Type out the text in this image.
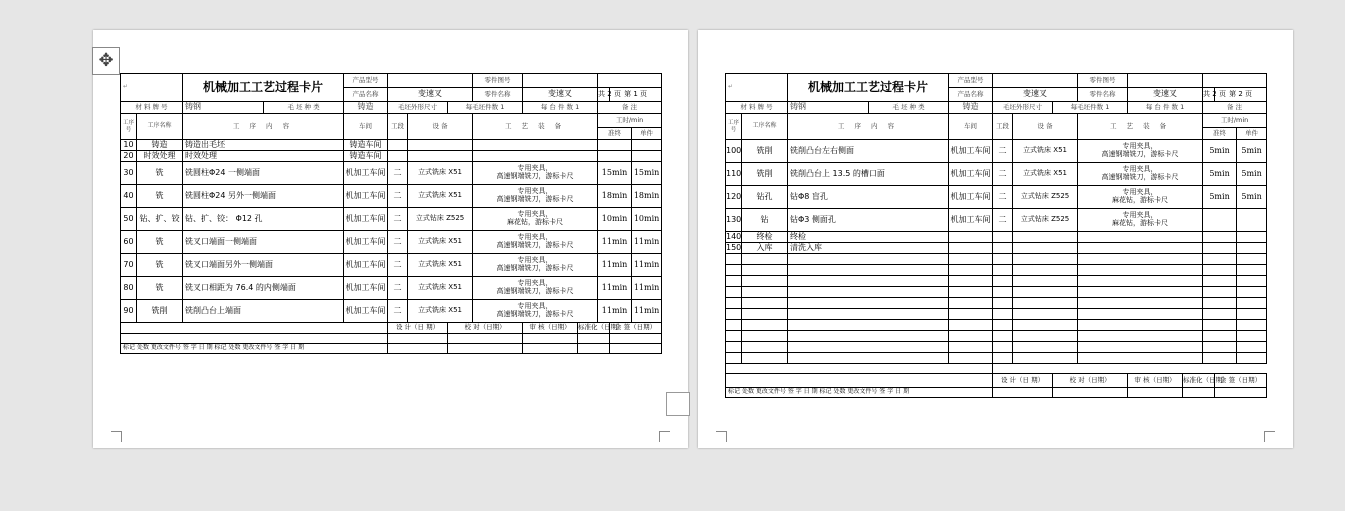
✥
↵		机械加工工艺过程卡片		产品型号				零件图号					
				产品名称	变速叉			零件名称	变速叉		共 2 页	第 1 页	
材 料 牌 号		铸钢	毛 坯 种 类	铸造	毛坯外形尺寸		每毛坯件数 1		每 台 件 数 1		备 注		
工序号	工序名称	工 序 内 容		车间	工段	设 备		工 艺 装 备			工时/min		
											准终		单件
10	铸造	铸造出毛坯		铸造车间							

20	时效处理	时效处理		铸造车间							

30	铣	铣圆柱Φ24 一侧端面		机加工车间	二	立式铣床 X51		专用夹具，
高速钢端铣刀，游标卡尺			15min		15min
40	铣	铣圆柱Φ24 另外一侧端面		机加工车间	二	立式铣床 X51		专用夹具，
高速钢端铣刀，游标卡尺			18min		18min
50	钻、扩、铰	钻、扩、铰： Φ12 孔		机加工车间	二	立式钻床 Z525		专用夹具，
麻花钻，游标卡尺			10min		10min
60	铣	铣叉口端面一侧端面		机加工车间	二	立式铣床 X51		专用夹具，
高速钢端铣刀，游标卡尺			11min		11min
70	铣	铣叉口端面另外一侧端面		机加工车间	二	立式铣床 X51		专用夹具，
高速钢端铣刀，游标卡尺			11min		11min
80	铣	铣叉口相距为 76.4 的内侧端面		机加工车间	二	立式铣床 X51		专用夹具，
高速钢端铣刀，游标卡尺			11min		11min
90	铣削	铣削凸台上端面		机加工车间	二	立式铣床 X51		专用夹具，
高速钢端铣刀，游标卡尺			11min		11min
					设 计（日 期）		校 对（日期）		审 核（日期）	标准化（日期）		会 签（日期）	

标记 处数 更改文件号 签 字 日 期 标记 处数 更改文件号 签 字 日 期													
↵		机械加工工艺过程卡片		产品型号				零件图号					
				产品名称	变速叉			零件名称	变速叉		共 2 页	第 2 页	
材 料 牌 号		铸钢	毛 坯 种 类	铸造	毛坯外形尺寸		每毛坯件数 1		每 台 件 数 1		备 注		
工序号	工序名称	工 序 内 容		车间	工段	设 备		工 艺 装 备			工时/min		
											准终		单件
100	铣削	铣削凸台左右侧面		机加工车间	二	立式铣床 X51		专用夹具，
高速钢端铣刀，游标卡尺			5min		5min
110	铣削	铣削凸台上 13.5 的槽口面		机加工车间	二	立式铣床 X51		专用夹具，
高速钢端铣刀，游标卡尺			5min		5min
120	钻孔	钻Φ8 盲孔		机加工车间	二	立式钻床 Z525		专用夹具，
麻花钻，游标卡尺			5min		5min
130	钻	钻Φ3 侧面孔		机加工车间	二	立式钻床 Z525		专用夹具，
麻花钻，游标卡尺					

140	终检	终检									

150	入库	清洗入库									

					设 计（日 期）		校 对（日期）		审 核（日期）	标准化（日期）		会 签（日期）	
标记 处数 更改文件号 签 字 日 期 标记 处数 更改文件号 签 字 日 期													
